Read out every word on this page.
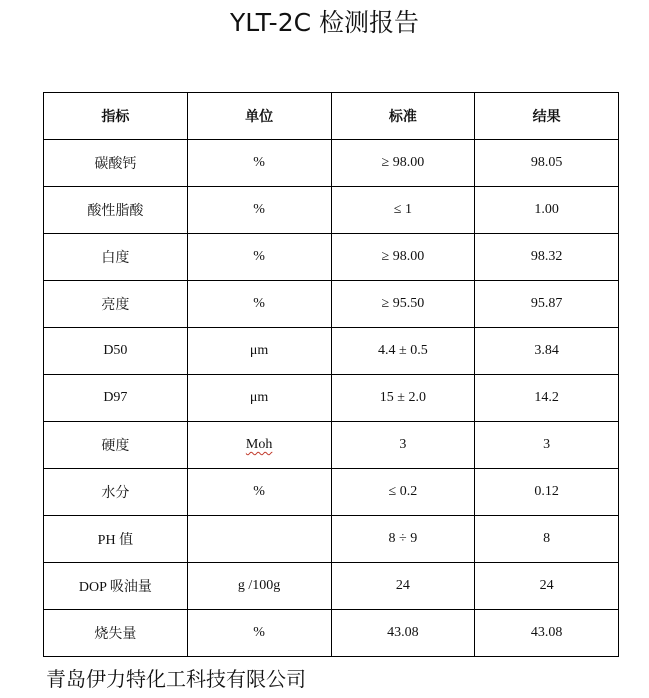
YLT-2C 检测报告
指标	单位	标准	结果
碳酸钙	%	≥ 98.00	98.05
酸性脂酸	%	≤ 1	1.00
白度	%	≥ 98.00	98.32
亮度	%	≥ 95.50	95.87
D50	μm	4.4 ± 0.5	3.84
D97	μm	15 ± 2.0	14.2
硬度	Moh	3	3
水分	%	≤ 0.2	0.12
PH 值		8 ÷ 9	8
DOP 吸油量	g /100g	24	24
烧失量	%	43.08	43.08
青岛伊力特化工科技有限公司
